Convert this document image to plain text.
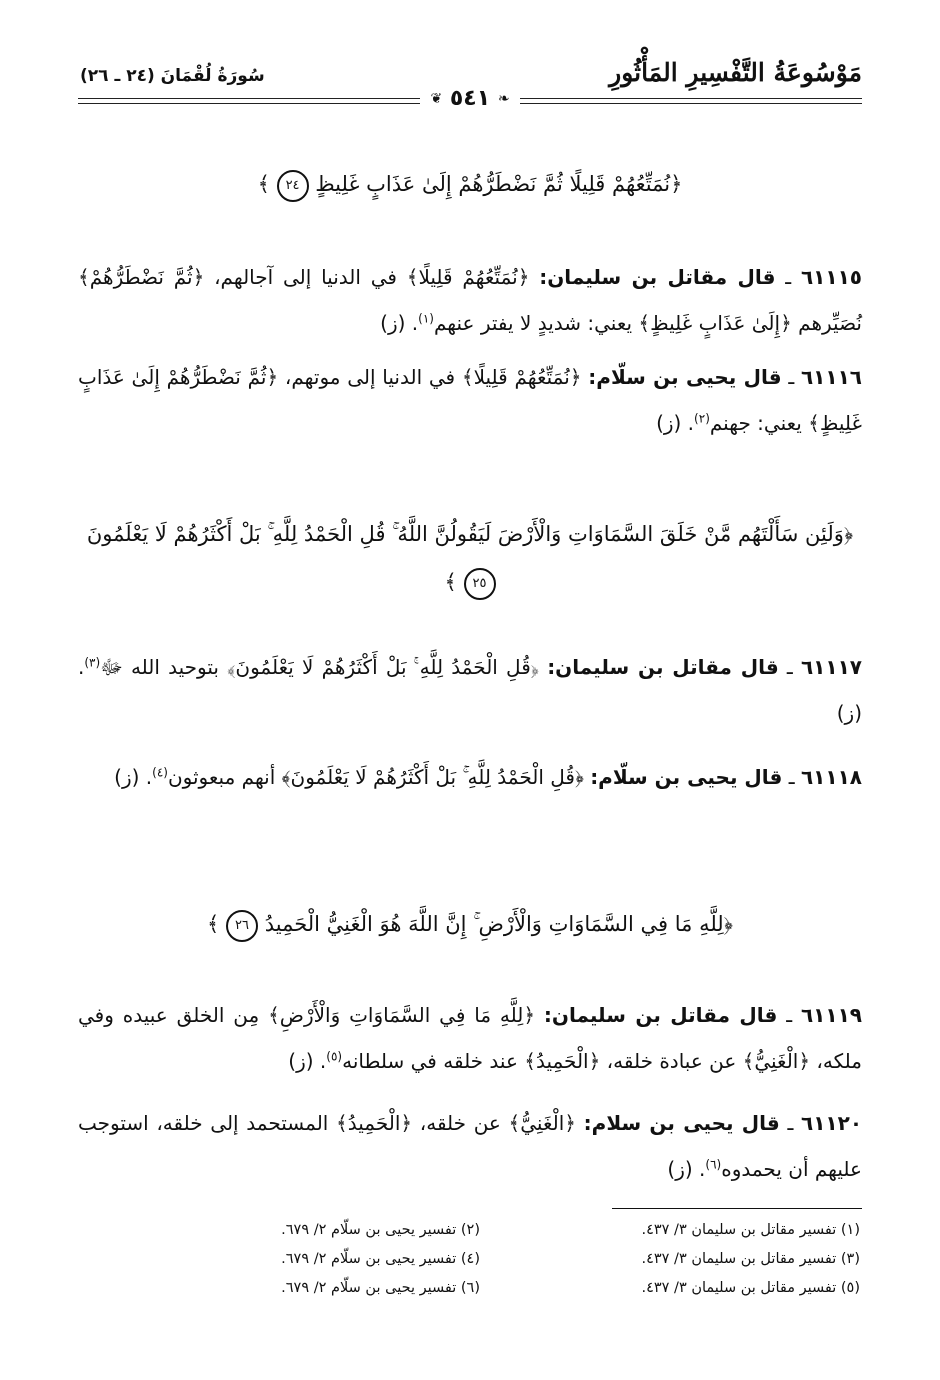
مَوْسُوعَةُ التَّفْسِيرِ المَأْثُورِ
سُورَةُ لُقْمَانَ (٢٤ ـ ٢٦)
❦ ٥٤١ ❧
﴿نُمَتِّعُهُمْ قَلِيلًا ثُمَّ نَضْطَرُّهُمْ إِلَىٰ عَذَابٍ غَلِيظٍ ٢٤ ﴾
٦١١١٥ ـ قال مقاتل بن سليمان: ﴿نُمَتِّعُهُمْ قَلِيلًا﴾ في الدنيا إلى آجالهم، ﴿ثُمَّ نَضْطَرُّهُمْ﴾ نُصَيِّرهم ﴿إِلَىٰ عَذَابٍ غَلِيظٍ﴾ يعني: شديدٍ لا يفتر عنهم$^{(١)}$. (ز)
٦١١١٦ ـ قال يحيى بن سلّام: ﴿نُمَتِّعُهُمْ قَلِيلًا﴾ في الدنيا إلى موتهم، ﴿ثُمَّ نَضْطَرُّهُمْ إِلَىٰ عَذَابٍ غَلِيظٍ﴾ يعني: جهنم$^{(٢)}$. (ز)
﴿وَلَئِن سَأَلْتَهُم مَّنْ خَلَقَ السَّمَاوَاتِ وَالْأَرْضَ لَيَقُولُنَّ اللَّهُ ۚ قُلِ الْحَمْدُ لِلَّهِ ۚ بَلْ أَكْثَرُهُمْ لَا يَعْلَمُونَ ٢٥ ﴾
٦١١١٧ ـ قال مقاتل بن سليمان: ﴿قُلِ الْحَمْدُ لِلَّهِ ۚ بَلْ أَكْثَرُهُمْ لَا يَعْلَمُونَ﴾ بتوحيد الله ﷻ$^{(٣)}$. (ز)
٦١١١٨ ـ قال يحيى بن سلّام: ﴿قُلِ الْحَمْدُ لِلَّهِ ۚ بَلْ أَكْثَرُهُمْ لَا يَعْلَمُونَ﴾ أنهم مبعوثون$^{(٤)}$. (ز)
﴿لِلَّهِ مَا فِي السَّمَاوَاتِ وَالْأَرْضِ ۚ إِنَّ اللَّهَ هُوَ الْغَنِيُّ الْحَمِيدُ ٢٦ ﴾
٦١١١٩ ـ قال مقاتل بن سليمان: ﴿لِلَّهِ مَا فِي السَّمَاوَاتِ وَالْأَرْضِ﴾ مِن الخلق عبيده وفي ملكه، ﴿الْغَنِيُّ﴾ عن عبادة خلقه، ﴿الْحَمِيدُ﴾ عند خلقه في سلطانه$^{(٥)}$. (ز)
٦١١٢٠ ـ قال يحيى بن سلام: ﴿الْغَنِيُّ﴾ عن خلقه، ﴿الْحَمِيدُ﴾ المستحمد إلى خلقه، استوجب عليهم أن يحمدوه$^{(٦)}$. (ز)
(١) تفسير مقاتل بن سليمان ٣/ ٤٣٧.
(٣) تفسير مقاتل بن سليمان ٣/ ٤٣٧.
(٥) تفسير مقاتل بن سليمان ٣/ ٤٣٧.
(٢) تفسير يحيى بن سلّام ٢/ ٦٧٩.
(٤) تفسير يحيى بن سلّام ٢/ ٦٧٩.
(٦) تفسير يحيى بن سلّام ٢/ ٦٧٩.
